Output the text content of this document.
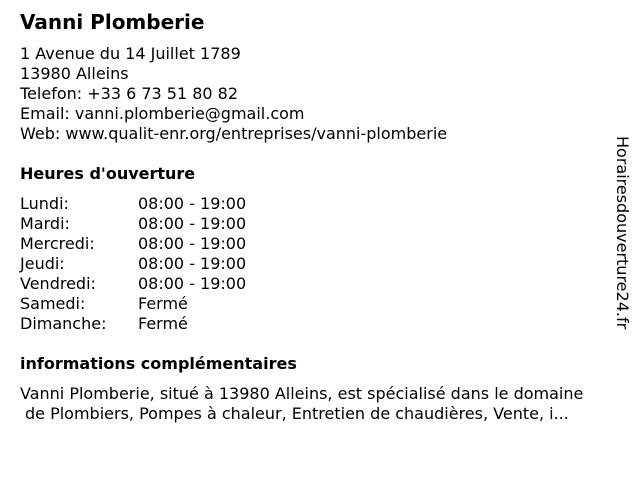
Vanni Plomberie
1 Avenue du 14 Juillet 1789
13980 Alleins
Telefon: +33 6 73 51 80 82
Email: vanni.plomberie@gmail.com
Web: www.qualit-enr.org/entreprises/vanni-plomberie
Heures d'ouverture
Lundi:	08:00 - 19:00
Mardi:	08:00 - 19:00
Mercredi:	08:00 - 19:00
Jeudi:	08:00 - 19:00
Vendredi:	08:00 - 19:00
Samedi:	Fermé
Dimanche:	Fermé
informations complémentaires
Vanni Plomberie, situé à 13980 Alleins, est spécialisé dans le domaine
de Plombiers, Pompes à chaleur, Entretien de chaudières, Vente, i...
Horairesdouverture24.fr
